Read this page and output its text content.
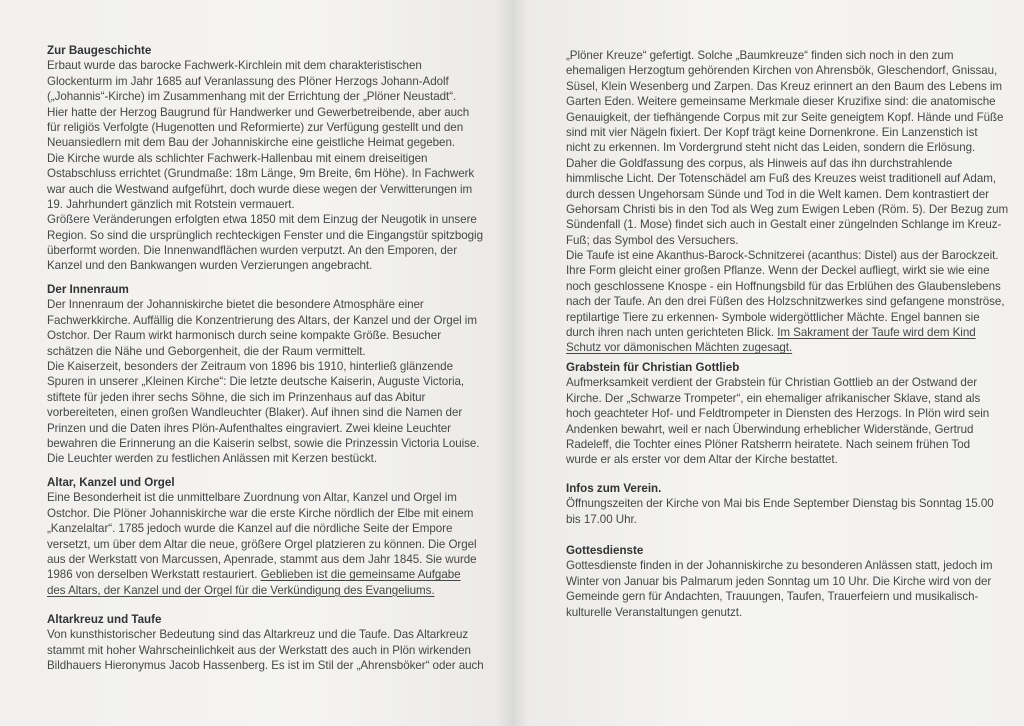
Zur Baugeschichte
Erbaut wurde das barocke Fachwerk-Kirchlein mit dem charakteristischen
Glockenturm im Jahr 1685 auf Veranlassung des Plöner Herzogs Johann-Adolf
(„Johannis“-Kirche) im Zusammenhang mit der Errichtung der „Plöner Neustadt“.
Hier hatte der Herzog Baugrund für Handwerker und Gewerbetreibende, aber auch
für religiös Verfolgte (Hugenotten und Reformierte) zur Verfügung gestellt und den
Neuansiedlern mit dem Bau der Johanniskirche eine geistliche Heimat gegeben.
Die Kirche wurde als schlichter Fachwerk-Hallenbau mit einem dreiseitigen
Ostabschluss errichtet (Grundmaße: 18m Länge, 9m Breite, 6m Höhe). In Fachwerk
war auch die Westwand aufgeführt, doch wurde diese wegen der Verwitterungen im
19. Jahrhundert gänzlich mit Rotstein vermauert.
Größere Veränderungen erfolgten etwa 1850 mit dem Einzug der Neugotik in unsere
Region. So sind die ursprünglich rechteckigen Fenster und die Eingangstür spitzbogig
überformt worden. Die Innenwandflächen wurden verputzt. An den Emporen, der
Kanzel und den Bankwangen wurden Verzierungen angebracht.
Der Innenraum
Der Innenraum der Johanniskirche bietet die besondere Atmosphäre einer
Fachwerkkirche. Auffällig die Konzentrierung des Altars, der Kanzel und der Orgel im
Ostchor. Der Raum wirkt harmonisch durch seine kompakte Größe. Besucher
schätzen die Nähe und Geborgenheit, die der Raum vermittelt.
Die Kaiserzeit, besonders der Zeitraum von 1896 bis 1910, hinterließ glänzende
Spuren in unserer „Kleinen Kirche“: Die letzte deutsche Kaiserin, Auguste Victoria,
stiftete für jeden ihrer sechs Söhne, die sich im Prinzenhaus auf das Abitur
vorbereiteten, einen großen Wandleuchter (Blaker). Auf ihnen sind die Namen der
Prinzen und die Daten ihres Plön-Aufenthaltes eingraviert. Zwei kleine Leuchter
bewahren die Erinnerung an die Kaiserin selbst, sowie die Prinzessin Victoria Louise.
Die Leuchter werden zu festlichen Anlässen mit Kerzen bestückt.
Altar, Kanzel und Orgel
Eine Besonderheit ist die unmittelbare Zuordnung von Altar, Kanzel und Orgel im
Ostchor. Die Plöner Johanniskirche war die erste Kirche nördlich der Elbe mit einem
„Kanzelaltar“. 1785 jedoch wurde die Kanzel auf die nördliche Seite der Empore
versetzt, um über dem Altar die neue, größere Orgel platzieren zu können. Die Orgel
aus der Werkstatt von Marcussen, Apenrade, stammt aus dem Jahr 1845. Sie wurde
1986 von derselben Werkstatt restauriert. Geblieben ist die gemeinsame Aufgabe
des Altars, der Kanzel und der Orgel für die Verkündigung des Evangeliums.
Altarkreuz und Taufe
Von kunsthistorischer Bedeutung sind das Altarkreuz und die Taufe. Das Altarkreuz
stammt mit hoher Wahrscheinlichkeit aus der Werkstatt des auch in Plön wirkenden
Bildhauers Hieronymus Jacob Hassenberg. Es ist im Stil der „Ahrensböker“ oder auch
„Plöner Kreuze“ gefertigt. Solche „Baumkreuze“ finden sich noch in den zum
ehemaligen Herzogtum gehörenden Kirchen von Ahrensbök, Gleschendorf, Gnissau,
Süsel, Klein Wesenberg und Zarpen. Das Kreuz erinnert an den Baum des Lebens im
Garten Eden. Weitere gemeinsame Merkmale dieser Kruzifixe sind: die anatomische
Genauigkeit, der tiefhängende Corpus mit zur Seite geneigtem Kopf. Hände und Füße
sind mit vier Nägeln fixiert. Der Kopf trägt keine Dornenkrone. Ein Lanzenstich ist
nicht zu erkennen. Im Vordergrund steht nicht das Leiden, sondern die Erlösung.
Daher die Goldfassung des corpus, als Hinweis auf das ihn durchstrahlende
himmlische Licht. Der Totenschädel am Fuß des Kreuzes weist traditionell auf Adam,
durch dessen Ungehorsam Sünde und Tod in die Welt kamen. Dem kontrastiert der
Gehorsam Christi bis in den Tod als Weg zum Ewigen Leben (Röm. 5). Der Bezug zum
Sündenfall (1. Mose) findet sich auch in Gestalt einer züngelnden Schlange im Kreuz-
Fuß; das Symbol des Versuchers.
Die Taufe ist eine Akanthus-Barock-Schnitzerei (acanthus: Distel) aus der Barockzeit.
Ihre Form gleicht einer großen Pflanze. Wenn der Deckel aufliegt, wirkt sie wie eine
noch geschlossene Knospe - ein Hoffnungsbild für das Erblühen des Glaubenslebens
nach der Taufe. An den drei Füßen des Holzschnitzwerkes sind gefangene monströse,
reptilartige Tiere zu erkennen- Symbole widergöttlicher Mächte. Engel bannen sie
durch ihren nach unten gerichteten Blick. Im Sakrament der Taufe wird dem Kind
Schutz vor dämonischen Mächten zugesagt.
Grabstein für Christian Gottlieb
Aufmerksamkeit verdient der Grabstein für Christian Gottlieb an der Ostwand der
Kirche. Der „Schwarze Trompeter“, ein ehemaliger afrikanischer Sklave, stand als
hoch geachteter Hof- und Feldtrompeter in Diensten des Herzogs. In Plön wird sein
Andenken bewahrt, weil er nach Überwindung erheblicher Widerstände, Gertrud
Radeleff, die Tochter eines Plöner Ratsherrn heiratete. Nach seinem frühen Tod
wurde er als erster vor dem Altar der Kirche bestattet.
Infos zum Verein.
Öffnungszeiten der Kirche von Mai bis Ende September Dienstag bis Sonntag 15.00
bis 17.00 Uhr.
Gottesdienste
Gottesdienste finden in der Johanniskirche zu besonderen Anlässen statt, jedoch im
Winter von Januar bis Palmarum jeden Sonntag um 10 Uhr. Die Kirche wird von der
Gemeinde gern für Andachten, Trauungen, Taufen, Trauerfeiern und musikalisch-
kulturelle Veranstaltungen genutzt.
